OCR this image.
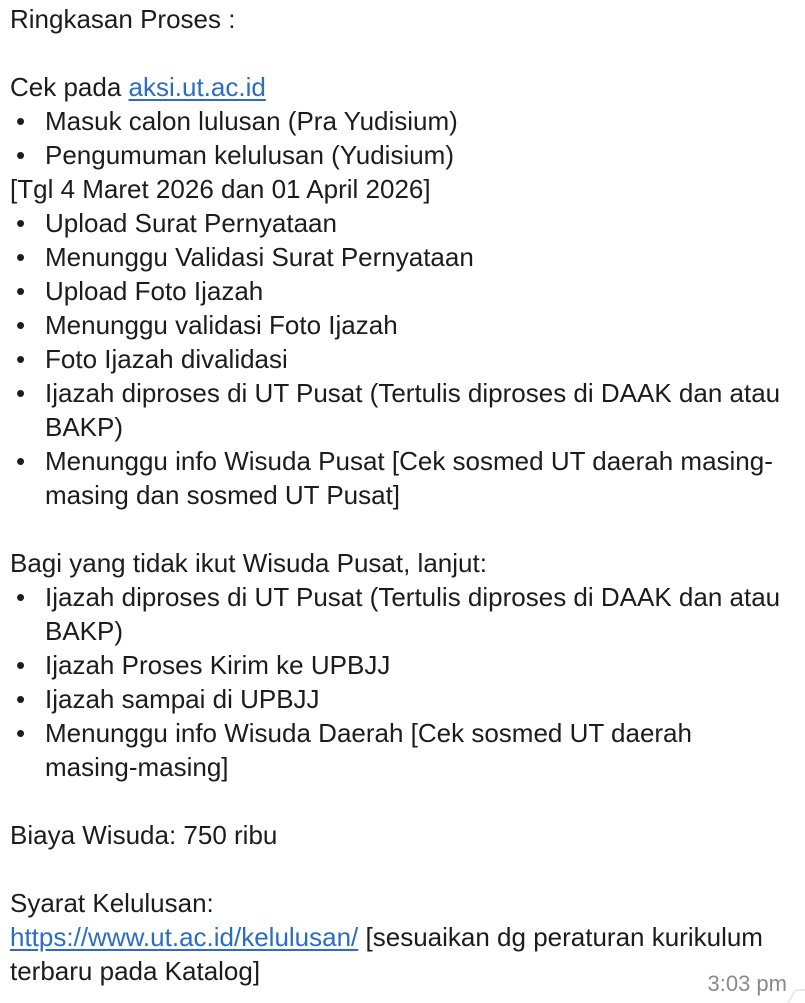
Ringkasan Proses :
Cek pada aksi.ut.ac.id
• Masuk calon lulusan (Pra Yudisium)
• Pengumuman kelulusan (Yudisium)
[Tgl 4 Maret 2026 dan 01 April 2026]
• Upload Surat Pernyataan
• Menunggu Validasi Surat Pernyataan
• Upload Foto Ijazah
• Menunggu validasi Foto Ijazah
• Foto Ijazah divalidasi
• Ijazah diproses di UT Pusat (Tertulis diproses di DAAK dan atau BAKP)
• Menunggu info Wisuda Pusat [Cek sosmed UT daerah masing-masing dan sosmed UT Pusat]
Bagi yang tidak ikut Wisuda Pusat, lanjut:
• Ijazah diproses di UT Pusat (Tertulis diproses di DAAK dan atau BAKP)
• Ijazah Proses Kirim ke UPBJJ
• Ijazah sampai di UPBJJ
• Menunggu info Wisuda Daerah [Cek sosmed UT daerah masing-masing]
Biaya Wisuda: 750 ribu
Syarat Kelulusan:
https://www.ut.ac.id/kelulusan/ [sesuaikan dg peraturan kurikulum terbaru pada Katalog]	3:03 pm
